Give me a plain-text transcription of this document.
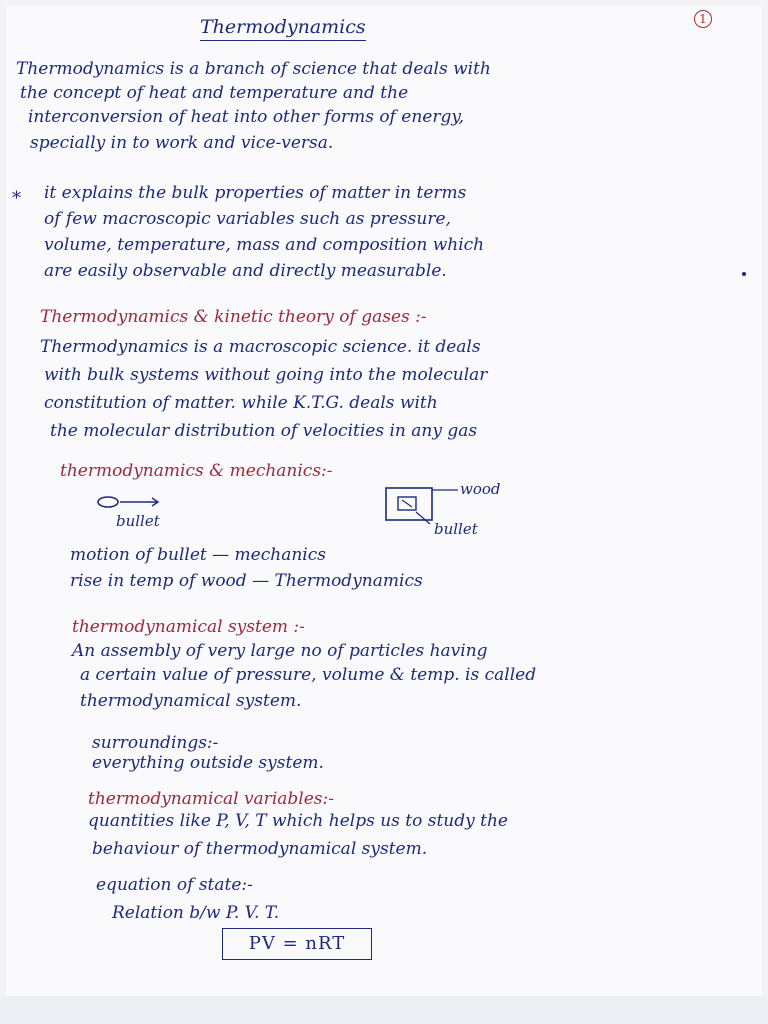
Thermodynamics	1
Thermodynamics is a branch of science that deals with
the concept of heat and temperature and the
interconversion of heat into other forms of energy,
specially in to work and vice-versa.
* it explains the bulk properties of matter in terms
of few macroscopic variables such as pressure,
volume, temperature, mass and composition which
are easily observable and directly measurable.
Thermodynamics & kinetic theory of gases :-
Thermodynamics is a macroscopic science. it deals
with bulk systems without going into the molecular
constitution of matter. while K.T.G. deals with
the molecular distribution of velocities in any gas
thermodynamics & mechanics:-
bullet
wood
bullet
motion of bullet — mechanics
rise in temp of wood — Thermodynamics
thermodynamical system :-
An assembly of very large no of particles having
a certain value of pressure, volume & temp. is called
thermodynamical system.
surroundings:-
everything outside system.
thermodynamical variables:-
quantities like P, V, T which helps us to study the
behaviour of thermodynamical system.
equation of state:-
Relation b/w P. V. T.
PV = nRT
